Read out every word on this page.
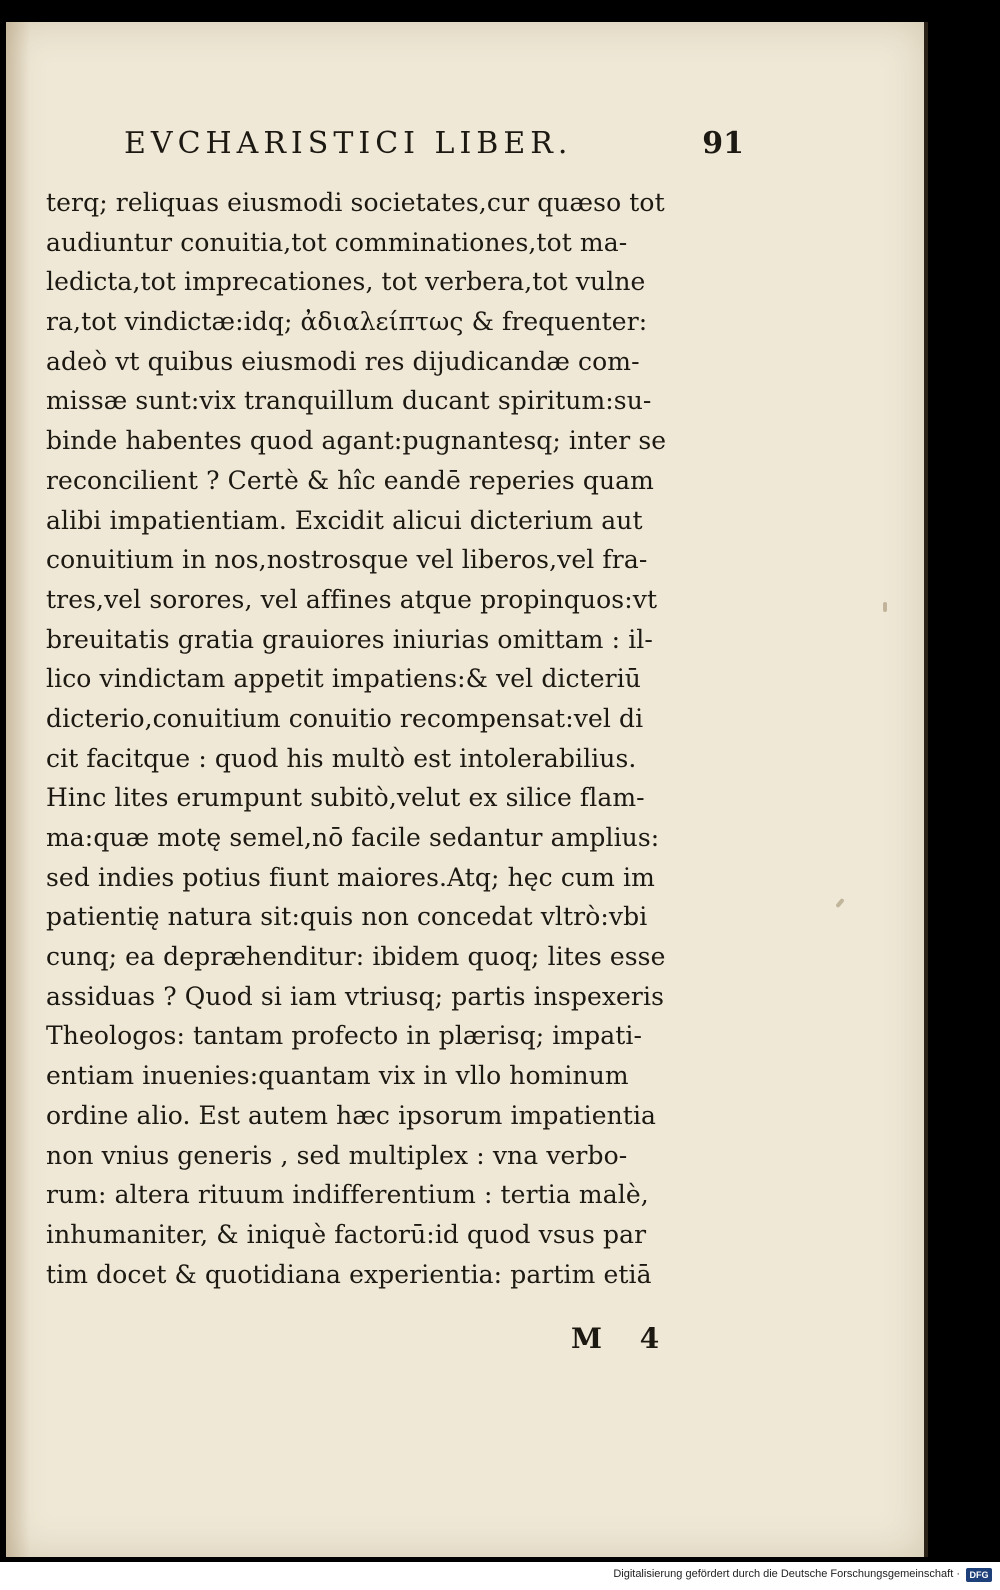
EVCHARISTICI LIBER.	91
terq; reliquas eiusmodi societates,cur quæso tot
audiuntur conuitia,tot comminationes,tot ma-
ledicta,tot imprecationes, tot verbera,tot vulne
ra,tot vindictæ:idq; ἀδιαλείπτως & frequenter:
adeò vt quibus eiusmodi res dijudicandæ com-
missæ sunt:vix tranquillum ducant spiritum:su-
binde habentes quod agant:pugnantesq; inter se
reconcilient ? Certè & hîc eandē reperies quam
alibi impatientiam. Excidit alicui dicterium aut
conuitium in nos,nostrosque vel liberos,vel fra-
tres,vel sorores, vel affines atque propinquos:vt
breuitatis gratia grauiores iniurias omittam : il-
lico vindictam appetit impatiens:& vel dicteriū
dicterio,conuitium conuitio recompensat:vel di
cit facitque : quod his multò est intolerabilius.
Hinc lites erumpunt subitò,velut ex silice flam-
ma:quæ motę semel,nō facile sedantur amplius:
sed indies potius fiunt maiores.Atq; hęc cum im
patientię natura sit:quis non concedat vltrò:vbi
cunq; ea depræhenditur: ibidem quoq; lites esse
assiduas ? Quod si iam vtriusq; partis inspexeris
Theologos: tantam profecto in plærisq; impati-
entiam inuenies:quantam vix in vllo hominum
ordine alio. Est autem hæc ipsorum impatientia
non vnius generis , sed multiplex : vna verbo-
rum: altera rituum indifferentium : tertia malè,
inhumaniter, & iniquè factorū:id quod vsus par
tim docet & quotidiana experientia: partim etiā
M 4
Digitalisierung gefördert durch die Deutsche Forschungsgemeinschaft ·	DFG
